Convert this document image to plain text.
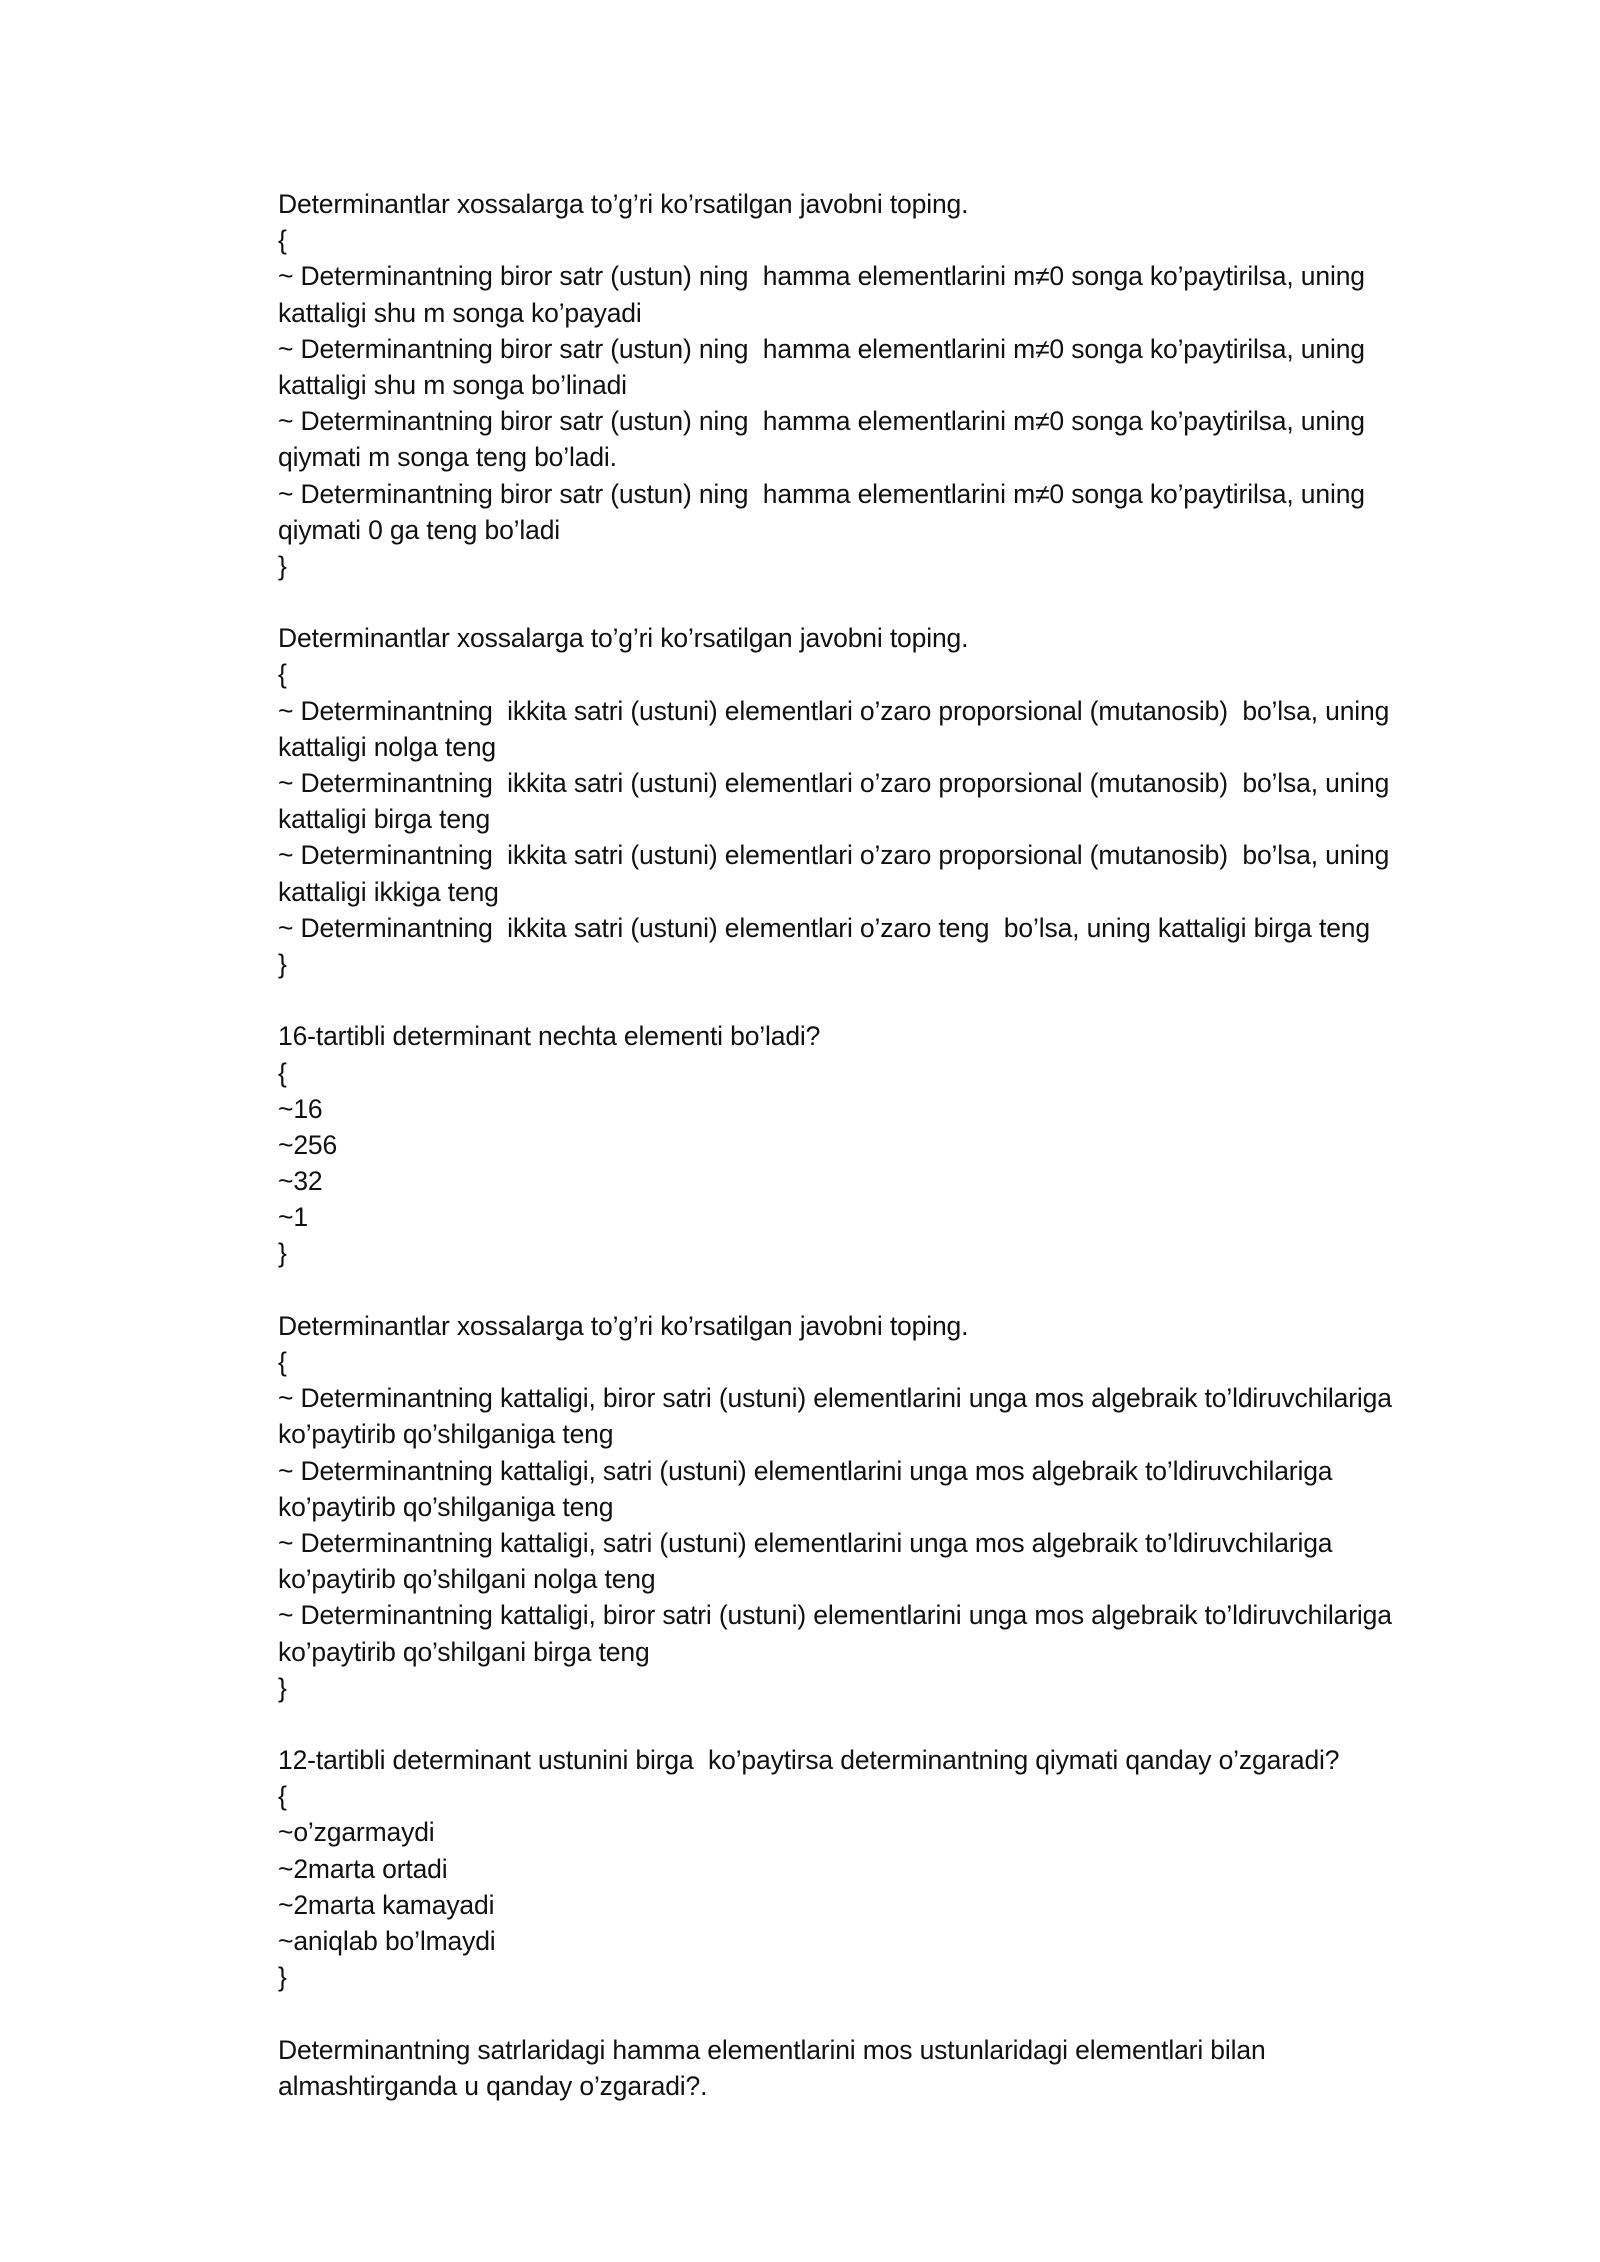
Determinantlar xossalarga to’g’ri ko’rsatilgan javobni toping.
{
~ Determinantning biror satr (ustun) ning  hamma elementlarini m≠0 songa ko’paytirilsa, uning
kattaligi shu m songa ko’payadi
~ Determinantning biror satr (ustun) ning  hamma elementlarini m≠0 songa ko’paytirilsa, uning
kattaligi shu m songa bo’linadi
~ Determinantning biror satr (ustun) ning  hamma elementlarini m≠0 songa ko’paytirilsa, uning
qiymati m songa teng bo’ladi.
~ Determinantning biror satr (ustun) ning  hamma elementlarini m≠0 songa ko’paytirilsa, uning
qiymati 0 ga teng bo’ladi
}
Determinantlar xossalarga to’g’ri ko’rsatilgan javobni toping.
{
~ Determinantning  ikkita satri (ustuni) elementlari o’zaro proporsional (mutanosib)  bo’lsa, uning
kattaligi nolga teng
~ Determinantning  ikkita satri (ustuni) elementlari o’zaro proporsional (mutanosib)  bo’lsa, uning
kattaligi birga teng
~ Determinantning  ikkita satri (ustuni) elementlari o’zaro proporsional (mutanosib)  bo’lsa, uning
kattaligi ikkiga teng
~ Determinantning  ikkita satri (ustuni) elementlari o’zaro teng  bo’lsa, uning kattaligi birga teng
}
16-tartibli determinant nechta elementi bo’ladi?
{
~16
~256
~32
~1
}
Determinantlar xossalarga to’g’ri ko’rsatilgan javobni toping.
{
~ Determinantning kattaligi, biror satri (ustuni) elementlarini unga mos algebraik to’ldiruvchilariga
ko’paytirib qo’shilganiga teng
~ Determinantning kattaligi, satri (ustuni) elementlarini unga mos algebraik to’ldiruvchilariga
ko’paytirib qo’shilganiga teng
~ Determinantning kattaligi, satri (ustuni) elementlarini unga mos algebraik to’ldiruvchilariga
ko’paytirib qo’shilgani nolga teng
~ Determinantning kattaligi, biror satri (ustuni) elementlarini unga mos algebraik to’ldiruvchilariga
ko’paytirib qo’shilgani birga teng
}
12-tartibli determinant ustunini birga  ko’paytirsa determinantning qiymati qanday o’zgaradi?
{
~o’zgarmaydi
~2marta ortadi
~2marta kamayadi
~aniqlab bo’lmaydi
}
Determinantning satrlaridagi hamma elementlarini mos ustunlaridagi elementlari bilan
almashtirganda u qanday o’zgaradi?.
